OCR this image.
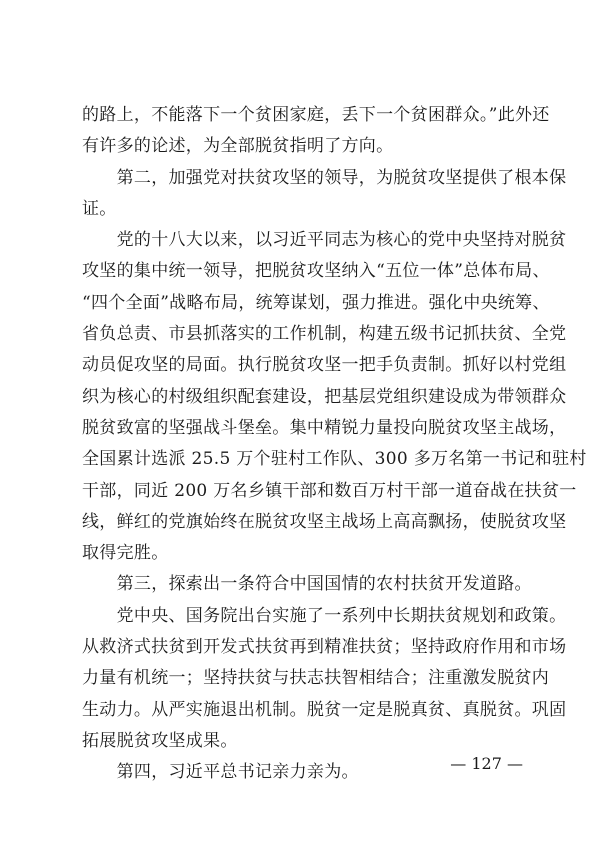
的路上，不能落下一个贫困家庭，丢下一个贫困群众。”此外还
有许多的论述，为全部脱贫指明了方向。
　　第二，加强党对扶贫攻坚的领导，为脱贫攻坚提供了根本保
证。
　　党的十八大以来，以习近平同志为核心的党中央坚持对脱贫
攻坚的集中统一领导，把脱贫攻坚纳入“五位一体”总体布局、
“四个全面”战略布局，统筹谋划，强力推进。强化中央统筹、
省负总责、市县抓落实的工作机制，构建五级书记抓扶贫、全党
动员促攻坚的局面。执行脱贫攻坚一把手负责制。抓好以村党组
织为核心的村级组织配套建设，把基层党组织建设成为带领群众
脱贫致富的坚强战斗堡垒。集中精锐力量投向脱贫攻坚主战场，
全国累计选派 25.5 万个驻村工作队、300 多万名第一书记和驻村
干部，同近 200 万名乡镇干部和数百万村干部一道奋战在扶贫一
线，鲜红的党旗始终在脱贫攻坚主战场上高高飘扬，使脱贫攻坚
取得完胜。
　　第三，探索出一条符合中国国情的农村扶贫开发道路。
　　党中央、国务院出台实施了一系列中长期扶贫规划和政策。
从救济式扶贫到开发式扶贫再到精准扶贫；坚持政府作用和市场
力量有机统一；坚持扶贫与扶志扶智相结合；注重激发脱贫内
生动力。从严实施退出机制。脱贫一定是脱真贫、真脱贫。巩固
拓展脱贫攻坚成果。
　　第四，习近平总书记亲力亲为。	— 127 —
